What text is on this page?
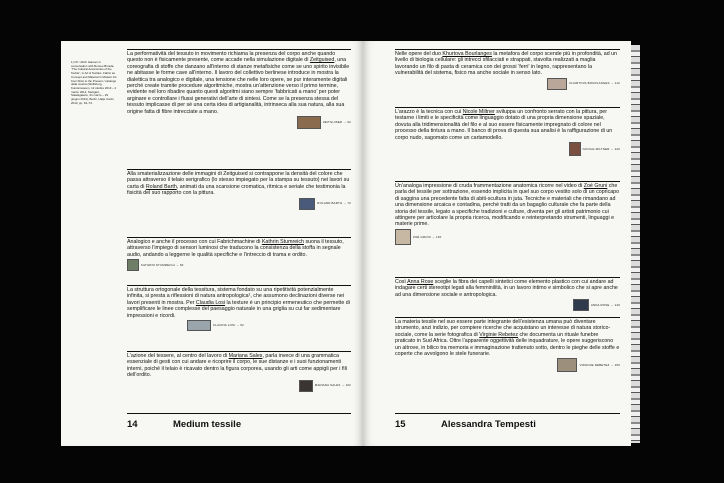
1) Cfr. Ulrich Hansen in conversation with Romeo Brosda, “The Cultural Autonomies of the Textile”, in Art & Textiles. Fabric as Concept and Material in Modern Art from Klimt to the Present / catalogo della mostra (Wolfsburg, Kunstmuseum, 12 ottobre 2013 – 2 marzo 2014; Stuttgart, Staatsgalerie, 21 marzo – 29 giugno 2014), Berlin, Hatje Cantz, 2013, pp. 64–73.

La performatività del tessuto in movimento richiama la presenza del corpo anche quando questo non è fisicamente presente, come accade nella simulazione digitale di Zeitguised, una coreografia di stoffe che danzano all’interno di stanze metafisiche come se uno spirito invisibile ne abitasse le forme cave all’interno. Il lavoro del collettivo berlinese introduce in mostra la dialettica tra analogico e digitale, una tensione che nelle loro opere, se pur interamente digitali perché create tramite procedure algoritmiche, mostra un’attenzione verso il primo termine, evidente nel loro ribadire quanto questi algoritmi siano sempre ‘fabbricati a mano’ per poter arginare e controllare i flussi generativi dell’arte di sintesi. Come se la presenza stessa del tessuto implicasse di per sé una certa idea di artigianalità, intrinseca alla sua natura, alla sua origine fatta di fibre intrecciate a mano.

ZEITGUISED → 62

Alla smaterializzazione delle immagini di Zeitguised si contrappone la densità del colore che passa attraverso il telaio serigrafico (lo stesso impiegato per la stampa su tessuto) nei lavori su carta di Roland Barth, animati da una scansione cromatica, ritmica e seriale che testimonia la fisicità del suo rapporto con la pittura.

ROLAND BARTH → 72

Analogico e anche il processo con cui Fabrichmachine di Kathrin Stumreich suona il tessuto, attraverso l’impiego di sensori luminosi che traducono la consistenza della stoffa in segnale audio, andando a leggerne le qualità specifiche e l’intreccio di trama e ordito.

KATHRIN STUMREICH → 82

La struttura ortogonale della tessitura, sistema fondato su una ripetitività potenzialmente infinita, si presta a riflessioni di natura antropologica¹, che assumono declinazioni diverse nei lavori presenti in mostra. Per Claudia Losi la texture è un principio ermeneutico che permette di semplificare le linee complesse del paesaggio naturale in una griglia su cui far sedimentare impressioni e ricordi.

CLAUDIA LOSI → 92

L’azione del tessere, al centro del lavoro di Mariana Sales, parla invece di una grammatica essenziale di gesti con cui andare e ricoprire il corpo, le sue distanze e i suoi funzionamenti interni, poiché il telaio è ricavato dentro la figura corporea, usando gli arti come appigli per i fili dell’ordito.

MARIANA SALES → 102
14	Medium tessile

Nelle opere del duo Khurtova Bourlanges la metafora del corpo scende più in profondità, ad un livello di biologia cellulare: gli intrecci sfilacciati e strappati, stavolta realizzati a maglia lavorando un filo di pasta di ceramica con dei grossi ‘ferri’ in legno, rappresentano la vulnerabilità del sistema, fisico ma anche sociale in senso lato.

KHURTOVA BOURLANGES → 112

L’arazzo è la tecnica con cui Nicole Miltner sviluppa un confronto serrato con la pittura, per testarne i limiti e le specificità come linguaggio dotato di una propria dimensione spaziale, dovuta alla tridimensionalità del filo e al suo essere fisicamente impregnato di colore nel processo della tintura a mano. Il banco di prova di questa sua analisi è la raffigurazione di un corpo nudo, sagomato come un cartamodello.

NICOLE MILTNER → 120

Un’analoga impressione di cruda frammentazione anatomica ricorre nel video di Zoé Gruni che parla del tessile per sottrazione, essendo implicita in quel suo corpo vestito solo di un copricapo di saggina una precedente fatta di abiti-scultura in juta. Tecniche e materiali che rimandano ad una dimensione arcaica e contadina, perché tratti da un bagaglio culturale che fa parte della storia del tessile, legato a specifiche tradizioni e culture, diventa per gli artisti patrimonio cui attingere per articolare la propria ricerca, modificando e reinterpretando strumenti, linguaggi e materie prime.

ZOÉ GRUNI → 130

Così Anna Rose sceglie la fibra dei capelli sintetici come elemento plastico con cui andare ad indagare certi stereotipi legati alla femminilità, in un lavoro intimo e simbolico che si apre anche ad una dimensione sociale e antropologica.

ANNA ROSE → 140

La materia tessile nel suo essere parte integrante dell’esistenza umana può diventare strumento, anzi indizio, per compiere ricerche che acquistano un interesse di natura storico-sociale, come la serie fotografica di Virginie Rebetez che documenta un rituale funebre praticato in Sud Africa. Oltre l’apparente oggettività delle inquadrature, le opere suggeriscono un altrove, in bilico tra memoria e immaginazione trattenuto sotto, dentro le pieghe delle stoffe e coperte che avvolgono le stele funerarie.

VIRGINIE REBETEZ → 150
15	Alessandra Tempesti
